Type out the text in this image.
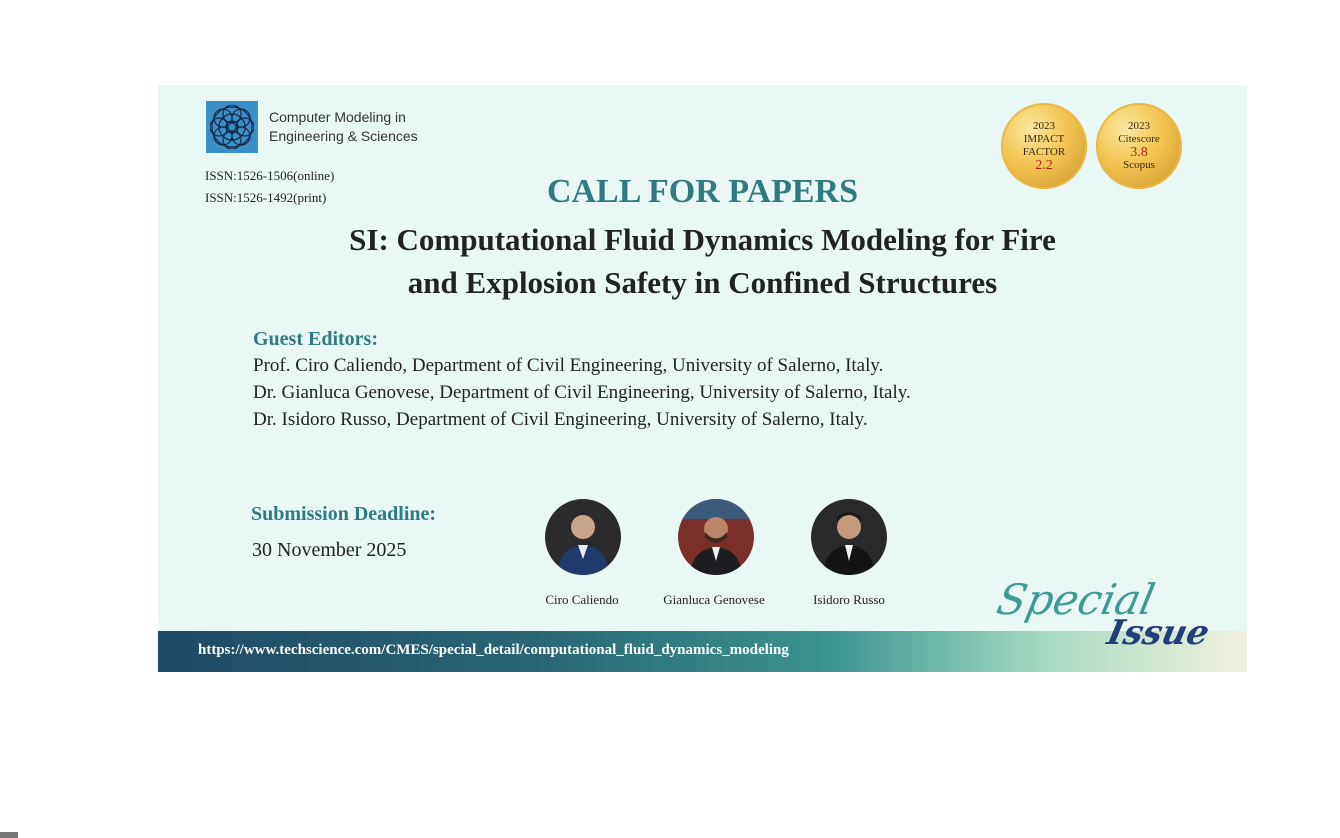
Computer Modeling in
Engineering & Sciences
ISSN:1526-1506(online)
ISSN:1526-1492(print)
2023
IMPACT
FACTOR
2.2
2023
Citescore
3.8
Scopus
CALL FOR PAPERS
SI: Computational Fluid Dynamics Modeling for Fire
and Explosion Safety in Confined Structures
Guest Editors:
Prof. Ciro Caliendo, Department of Civil Engineering, University of Salerno, Italy.
Dr. Gianluca Genovese, Department of Civil Engineering, University of Salerno, Italy.
Dr. Isidoro Russo, Department of Civil Engineering, University of Salerno, Italy.
Submission Deadline:
30 November 2025
Ciro Caliendo	Gianluca Genovese	Isidoro Russo
https://www.techscience.com/CMES/special_detail/computational_fluid_dynamics_modeling
Special
Issue
